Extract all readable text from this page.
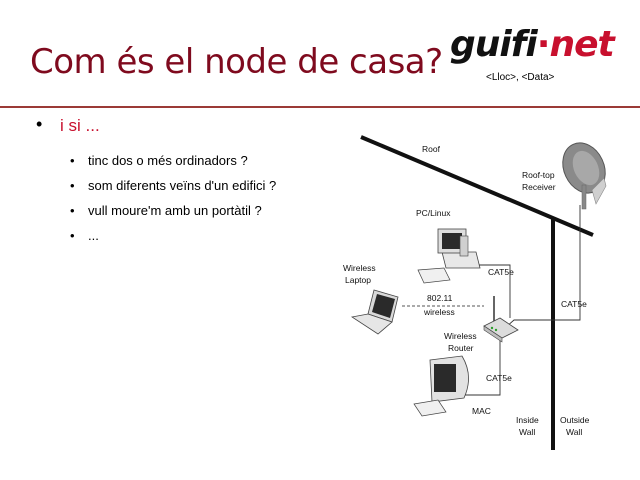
Com és el node de casa? guifi·net
<Lloc>, <Data>
• i si ...
• tinc dos o més ordinadors ?
• som diferents veïns d'un edifici ?
• vull moure'm amb un portàtil ?
• ...
Roof
Roof-top
Receiver
PC/Linux
Wireless
Laptop
802.11
wireless
CAT5e
CAT5e
Wireless
Router
CAT5e
MAC
Inside
Wall
Outside
Wall
